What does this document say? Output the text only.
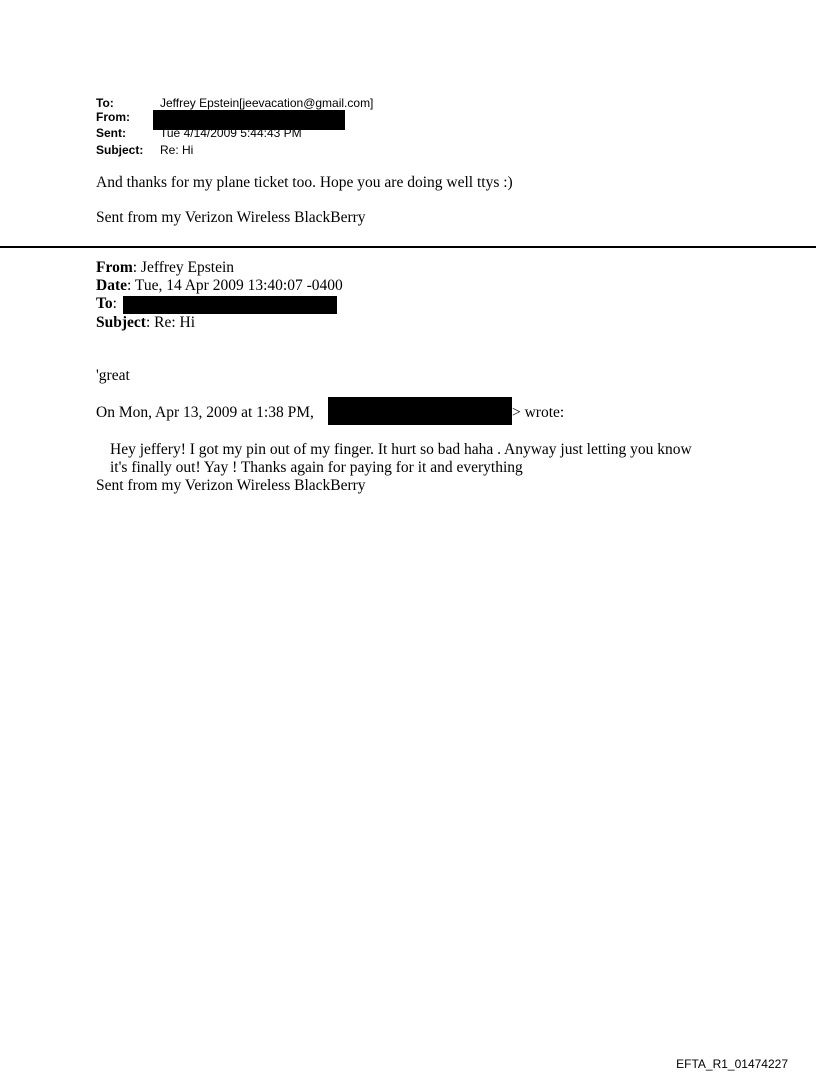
To:	Jeffrey Epstein[jeevacation@gmail.com]
From:
Sent:	Tue 4/14/2009 5:44:43 PM
Subject: Re: Hi
And thanks for my plane ticket too. Hope you are doing well ttys :)
Sent from my Verizon Wireless BlackBerry
From: Jeffrey Epstein
Date: Tue, 14 Apr 2009 13:40:07 -0400
To:
Subject: Re: Hi
'great
On Mon, Apr 13, 2009 at 1:38 PM,	> wrote:
Hey jeffery! I got my pin out of my finger. It hurt so bad haha . Anyway just letting you know
it's finally out! Yay ! Thanks again for paying for it and everything
Sent from my Verizon Wireless BlackBerry
EFTA_R1_01474227
